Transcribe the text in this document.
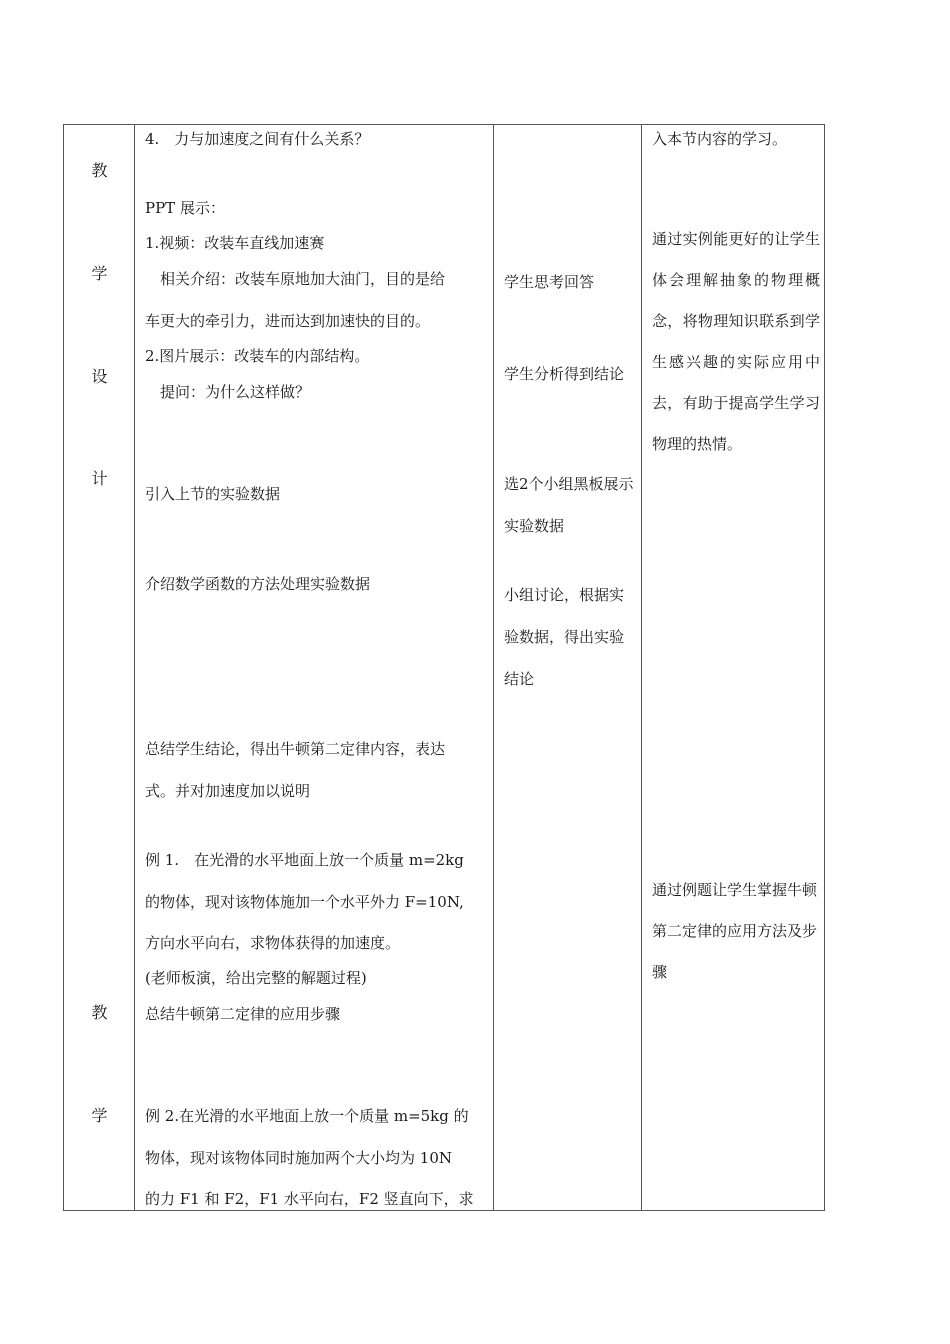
教
学
设
计
教
学
4.　力与加速度之间有什么关系？
PPT 展示：
1.视频：改装车直线加速赛
　相关介绍：改装车原地加大油门，目的是给
车更大的牵引力，进而达到加速快的目的。
2.图片展示：改装车的内部结构。
　提问：为什么这样做？
引入上节的实验数据
介绍数学函数的方法处理实验数据
总结学生结论，得出牛顿第二定律内容，表达
式。并对加速度加以说明
例 1.　在光滑的水平地面上放一个质量 m=2kg
的物体，现对该物体施加一个水平外力 F=10N,
方向水平向右，求物体获得的加速度。
(老师板演，给出完整的解题过程)
总结牛顿第二定律的应用步骤
例 2.在光滑的水平地面上放一个质量 m=5kg 的
物体，现对该物体同时施加两个大小均为 10N
的力 F1 和 F2，F1 水平向右，F2 竖直向下，求
学生思考回答
学生分析得到结论
选2个小组黑板展示实验数据
小组讨论，根据实验数据，得出实验结论
入本节内容的学习。
通过实例能更好的让学生体会理解抽象的物理概念，将物理知识联系到学生感兴趣的实际应用中去，有助于提高学生学习物理的热情。
通过例题让学生掌握牛顿第二定律的应用方法及步骤
